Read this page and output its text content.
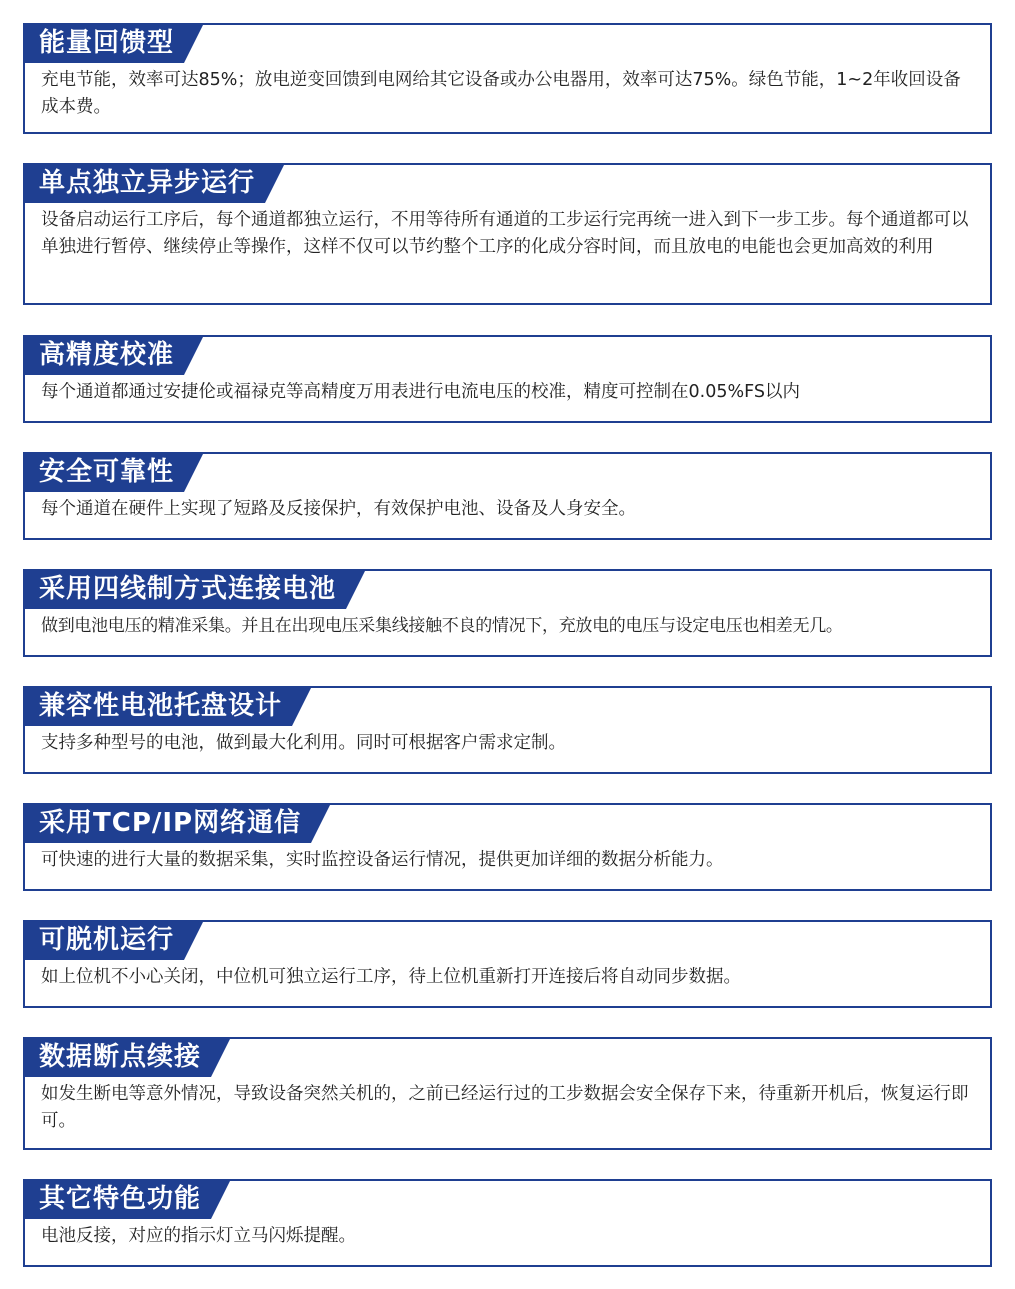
能量回馈型
充电节能，效率可达85%；放电逆变回馈到电网给其它设备或办公电器用，效率可达75%。绿色节能，1~2年收回设备成本费。
单点独立异步运行
设备启动运行工序后，每个通道都独立运行，不用等待所有通道的工步运行完再统一进入到下一步工步。每个通道都可以单独进行暂停、继续停止等操作，这样不仅可以节约整个工序的化成分容时间，而且放电的电能也会更加高效的利用
高精度校准
每个通道都通过安捷伦或福禄克等高精度万用表进行电流电压的校准，精度可控制在0.05%FS以内
安全可靠性
每个通道在硬件上实现了短路及反接保护，有效保护电池、设备及人身安全。
采用四线制方式连接电池
做到电池电压的精准采集。并且在出现电压采集线接触不良的情况下，充放电的电压与设定电压也相差无几。
兼容性电池托盘设计
支持多种型号的电池，做到最大化利用。同时可根据客户需求定制。
采用TCP/IP网络通信
可快速的进行大量的数据采集，实时监控设备运行情况，提供更加详细的数据分析能力。
可脱机运行
如上位机不小心关闭，中位机可独立运行工序，待上位机重新打开连接后将自动同步数据。
数据断点续接
如发生断电等意外情况，导致设备突然关机的，之前已经运行过的工步数据会安全保存下来，待重新开机后，恢复运行即可。
其它特色功能
电池反接，对应的指示灯立马闪烁提醒。
